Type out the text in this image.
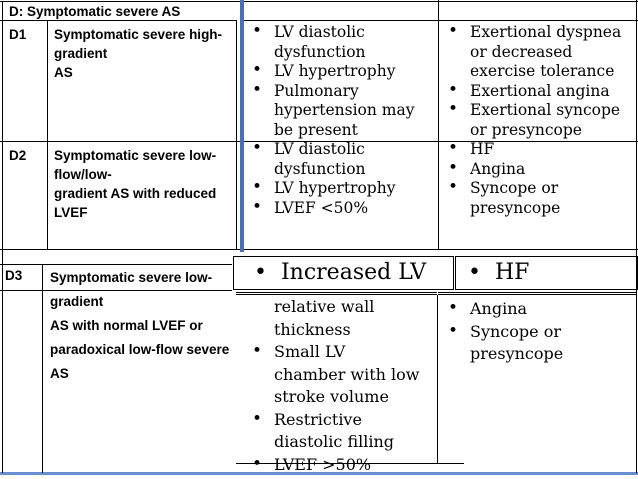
D: Symptomatic severe AS
D1 Symptomatic severe high-gradient
AS
• LV diastolic
dysfunction
• LV hypertrophy
• Pulmonary
hypertension may
be present
• Exertional dyspnea
or decreased
exercise tolerance
• Exertional angina
• Exertional syncope
or presyncope
D2 Symptomatic severe low-flow/low-
gradient AS with reduced LVEF
• LV diastolic
dysfunction
• LV hypertrophy
• LVEF <50%
• HF
• Angina
• Syncope or
presyncope
D3 Symptomatic severe low-gradient
AS with normal LVEF or
paradoxical low-flow severe AS
• Increased LV • HF
relative wall
thickness
• Small LV
chamber with low
stroke volume
• Restrictive
diastolic filling
• LVEF >50%
• Angina
• Syncope or
presyncope
